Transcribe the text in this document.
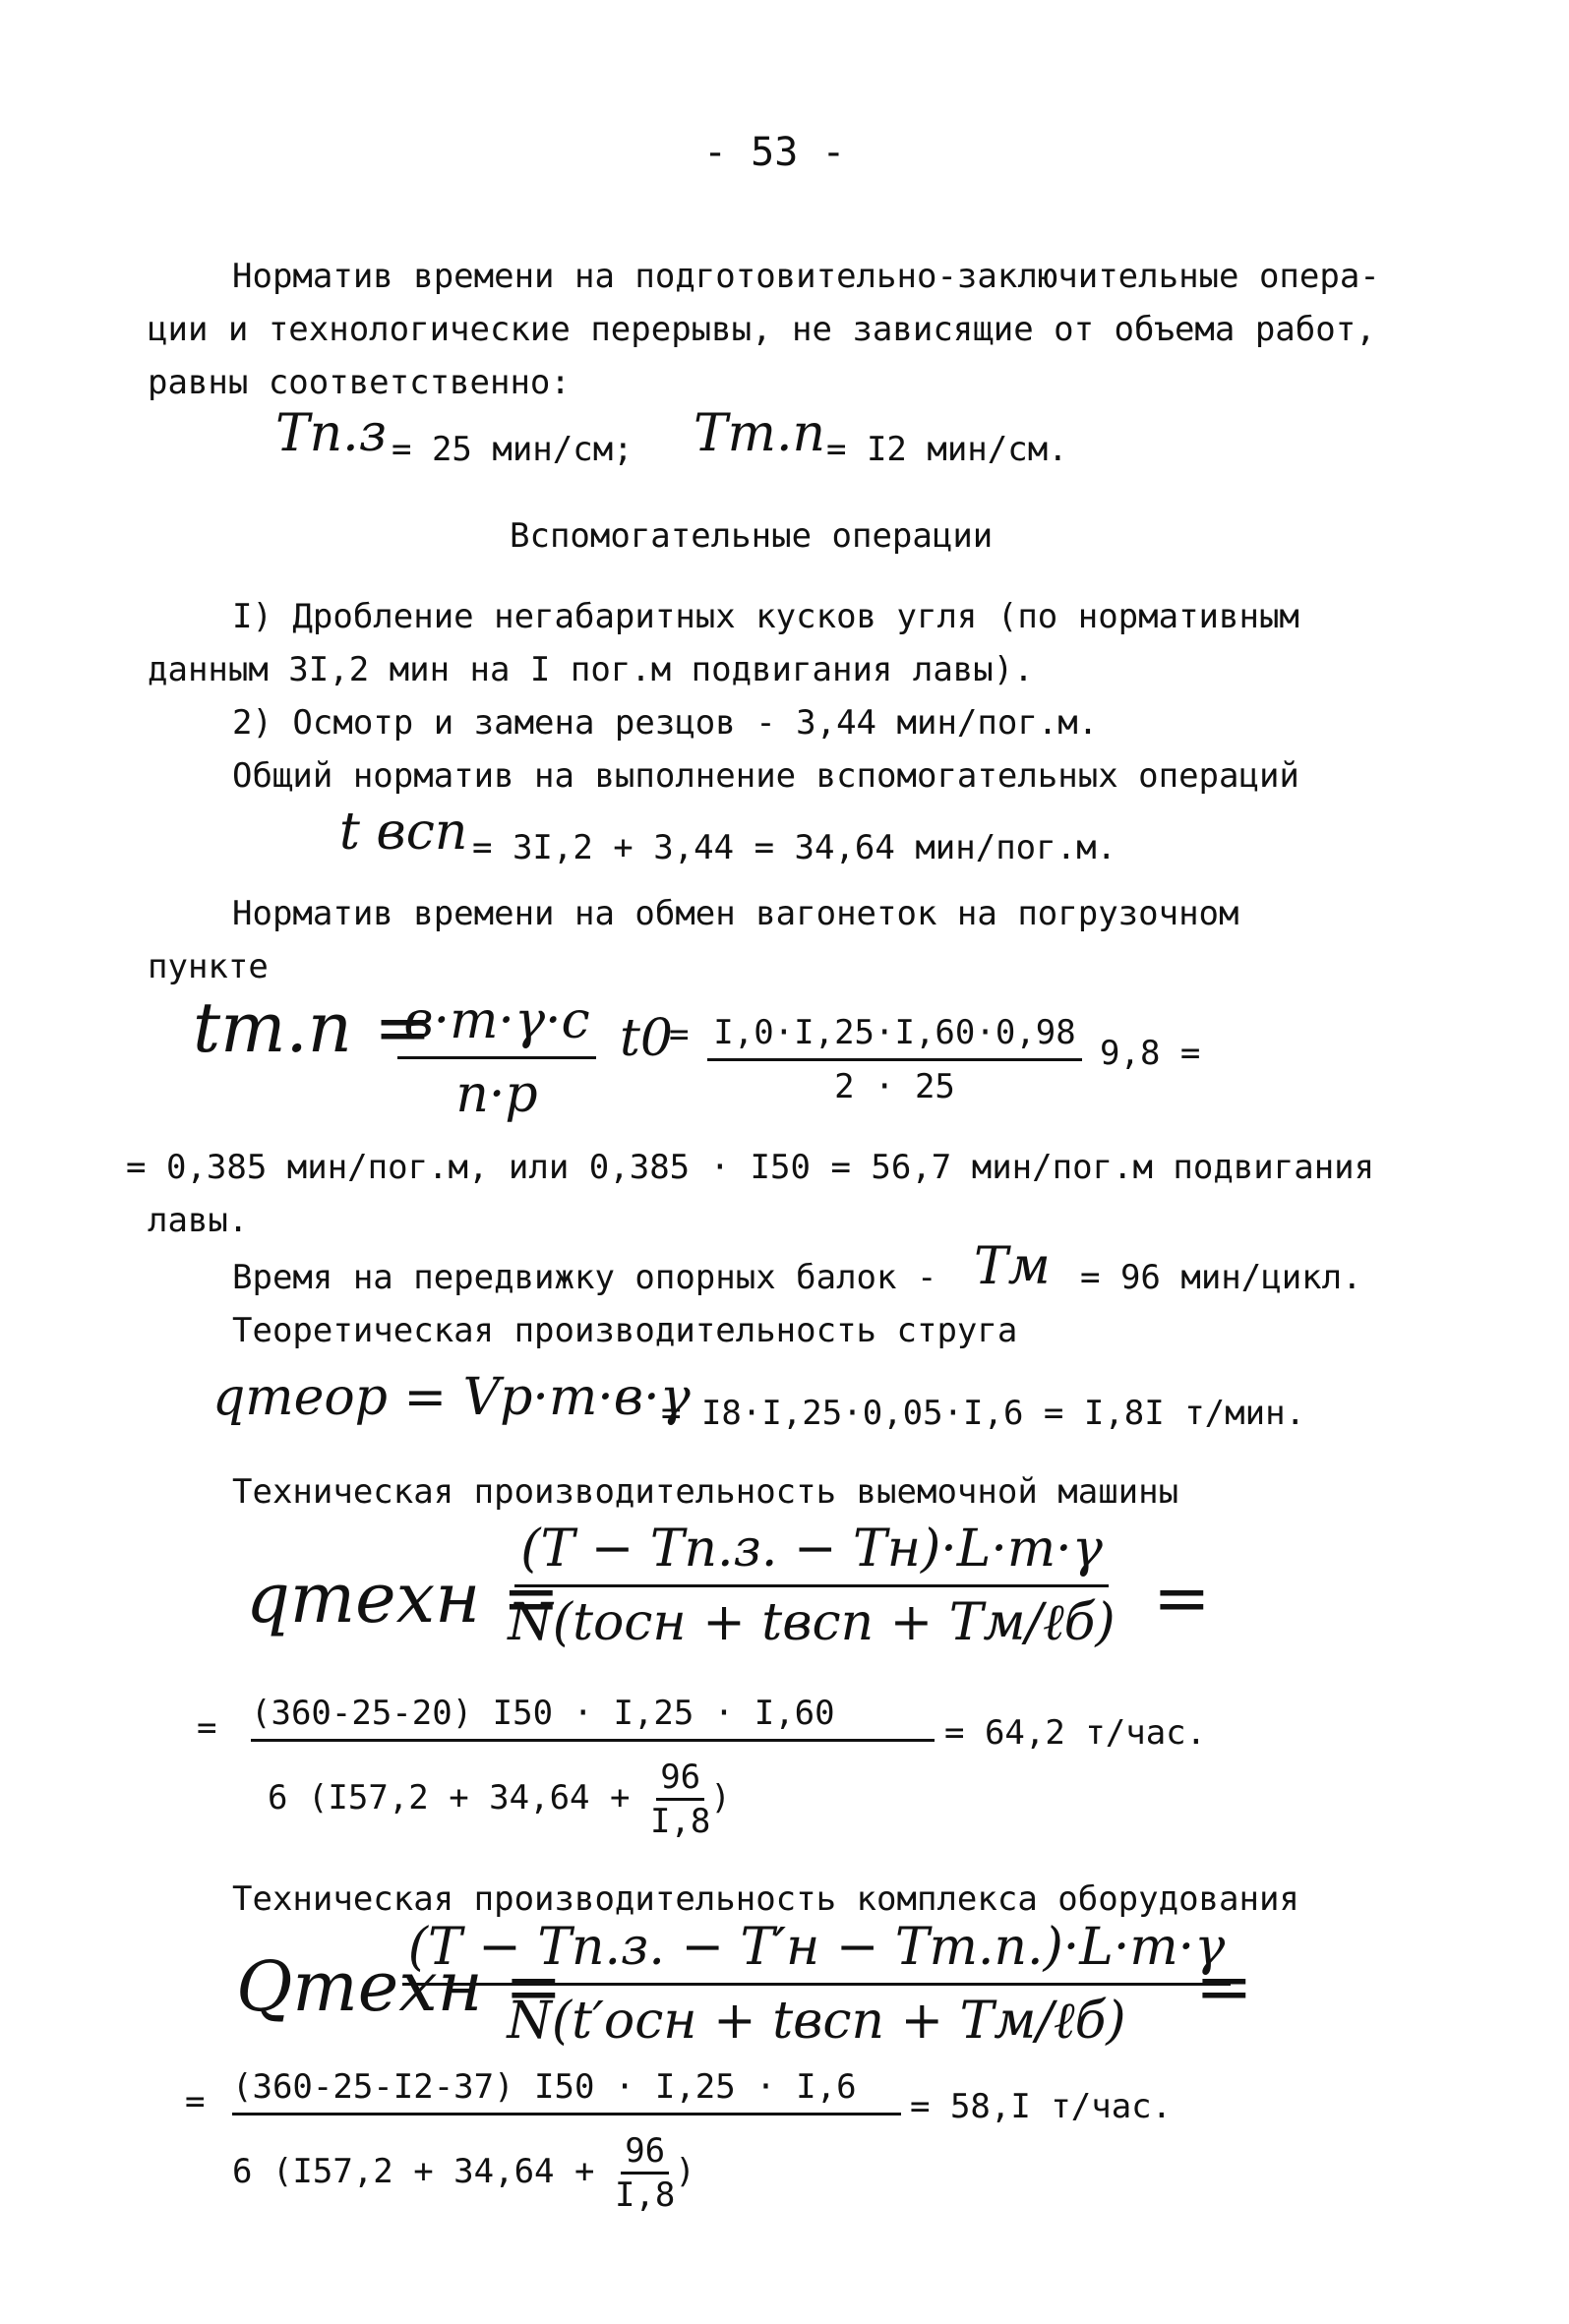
- 53 -
Норматив времени на подготовительно-заключительные опера-
ции и технологические перерывы, не зависящие от объема работ,
равны соответственно:
Tп.з = 25 мин/см; Tт.п = I2 мин/см.
Вспомогательные операции
I) Дробление негабаритных кусков угля (по нормативным
данным 3I,2 мин на I пог.м подвигания лавы).
2) Осмотр и замена резцов - 3,44 мин/пог.м.
Общий норматив на выполнение вспомогательных операций
t всп = 3I,2 + 3,44 = 34,64 мин/пог.м.
Норматив времени на обмен вагонеток на погрузочном
пункте
tт.п =
в·m·γ·c
n·p
t0
= $\frac{I,0\cdot I,25\cdot I,60\cdot 0,98}{2 \cdot 25} 9,8$ =
= 0,385 мин/пог.м, или 0,385 · I50 = 56,7 мин/пог.м подвигания
лавы.
Время на передвижку опорных балок - Tм = 96 мин/цикл.
Теоретическая производительность струга
qтеор = Vр·m·в·γ
= I8·I,25·0,05·I,6 = I,8I т/мин.
Техническая производительность выемочной машины
qтехн =
(T − Tп.з. − Tн)·L·m·γ
N(tосн + tвсп + Tм/ℓб) =
= (360-25-20) I50 · I,25 · I,60
6 ($I57,2 + 34,64 + \frac{96}{I,8}$ )
= 64,2 т/час.
Техническая производительность комплекса оборудования
Qтехн =
(T − Tп.з. − T′н − Tт.п.)·L·m·γ
N(t′осн + tвсп + Tм/ℓб) =
= (360-25-I2-37) I50 · I,25 · I,6
6 ($I57,2 + 34,64 + \frac{96}{I,8}$ )
= 58,I т/час.
